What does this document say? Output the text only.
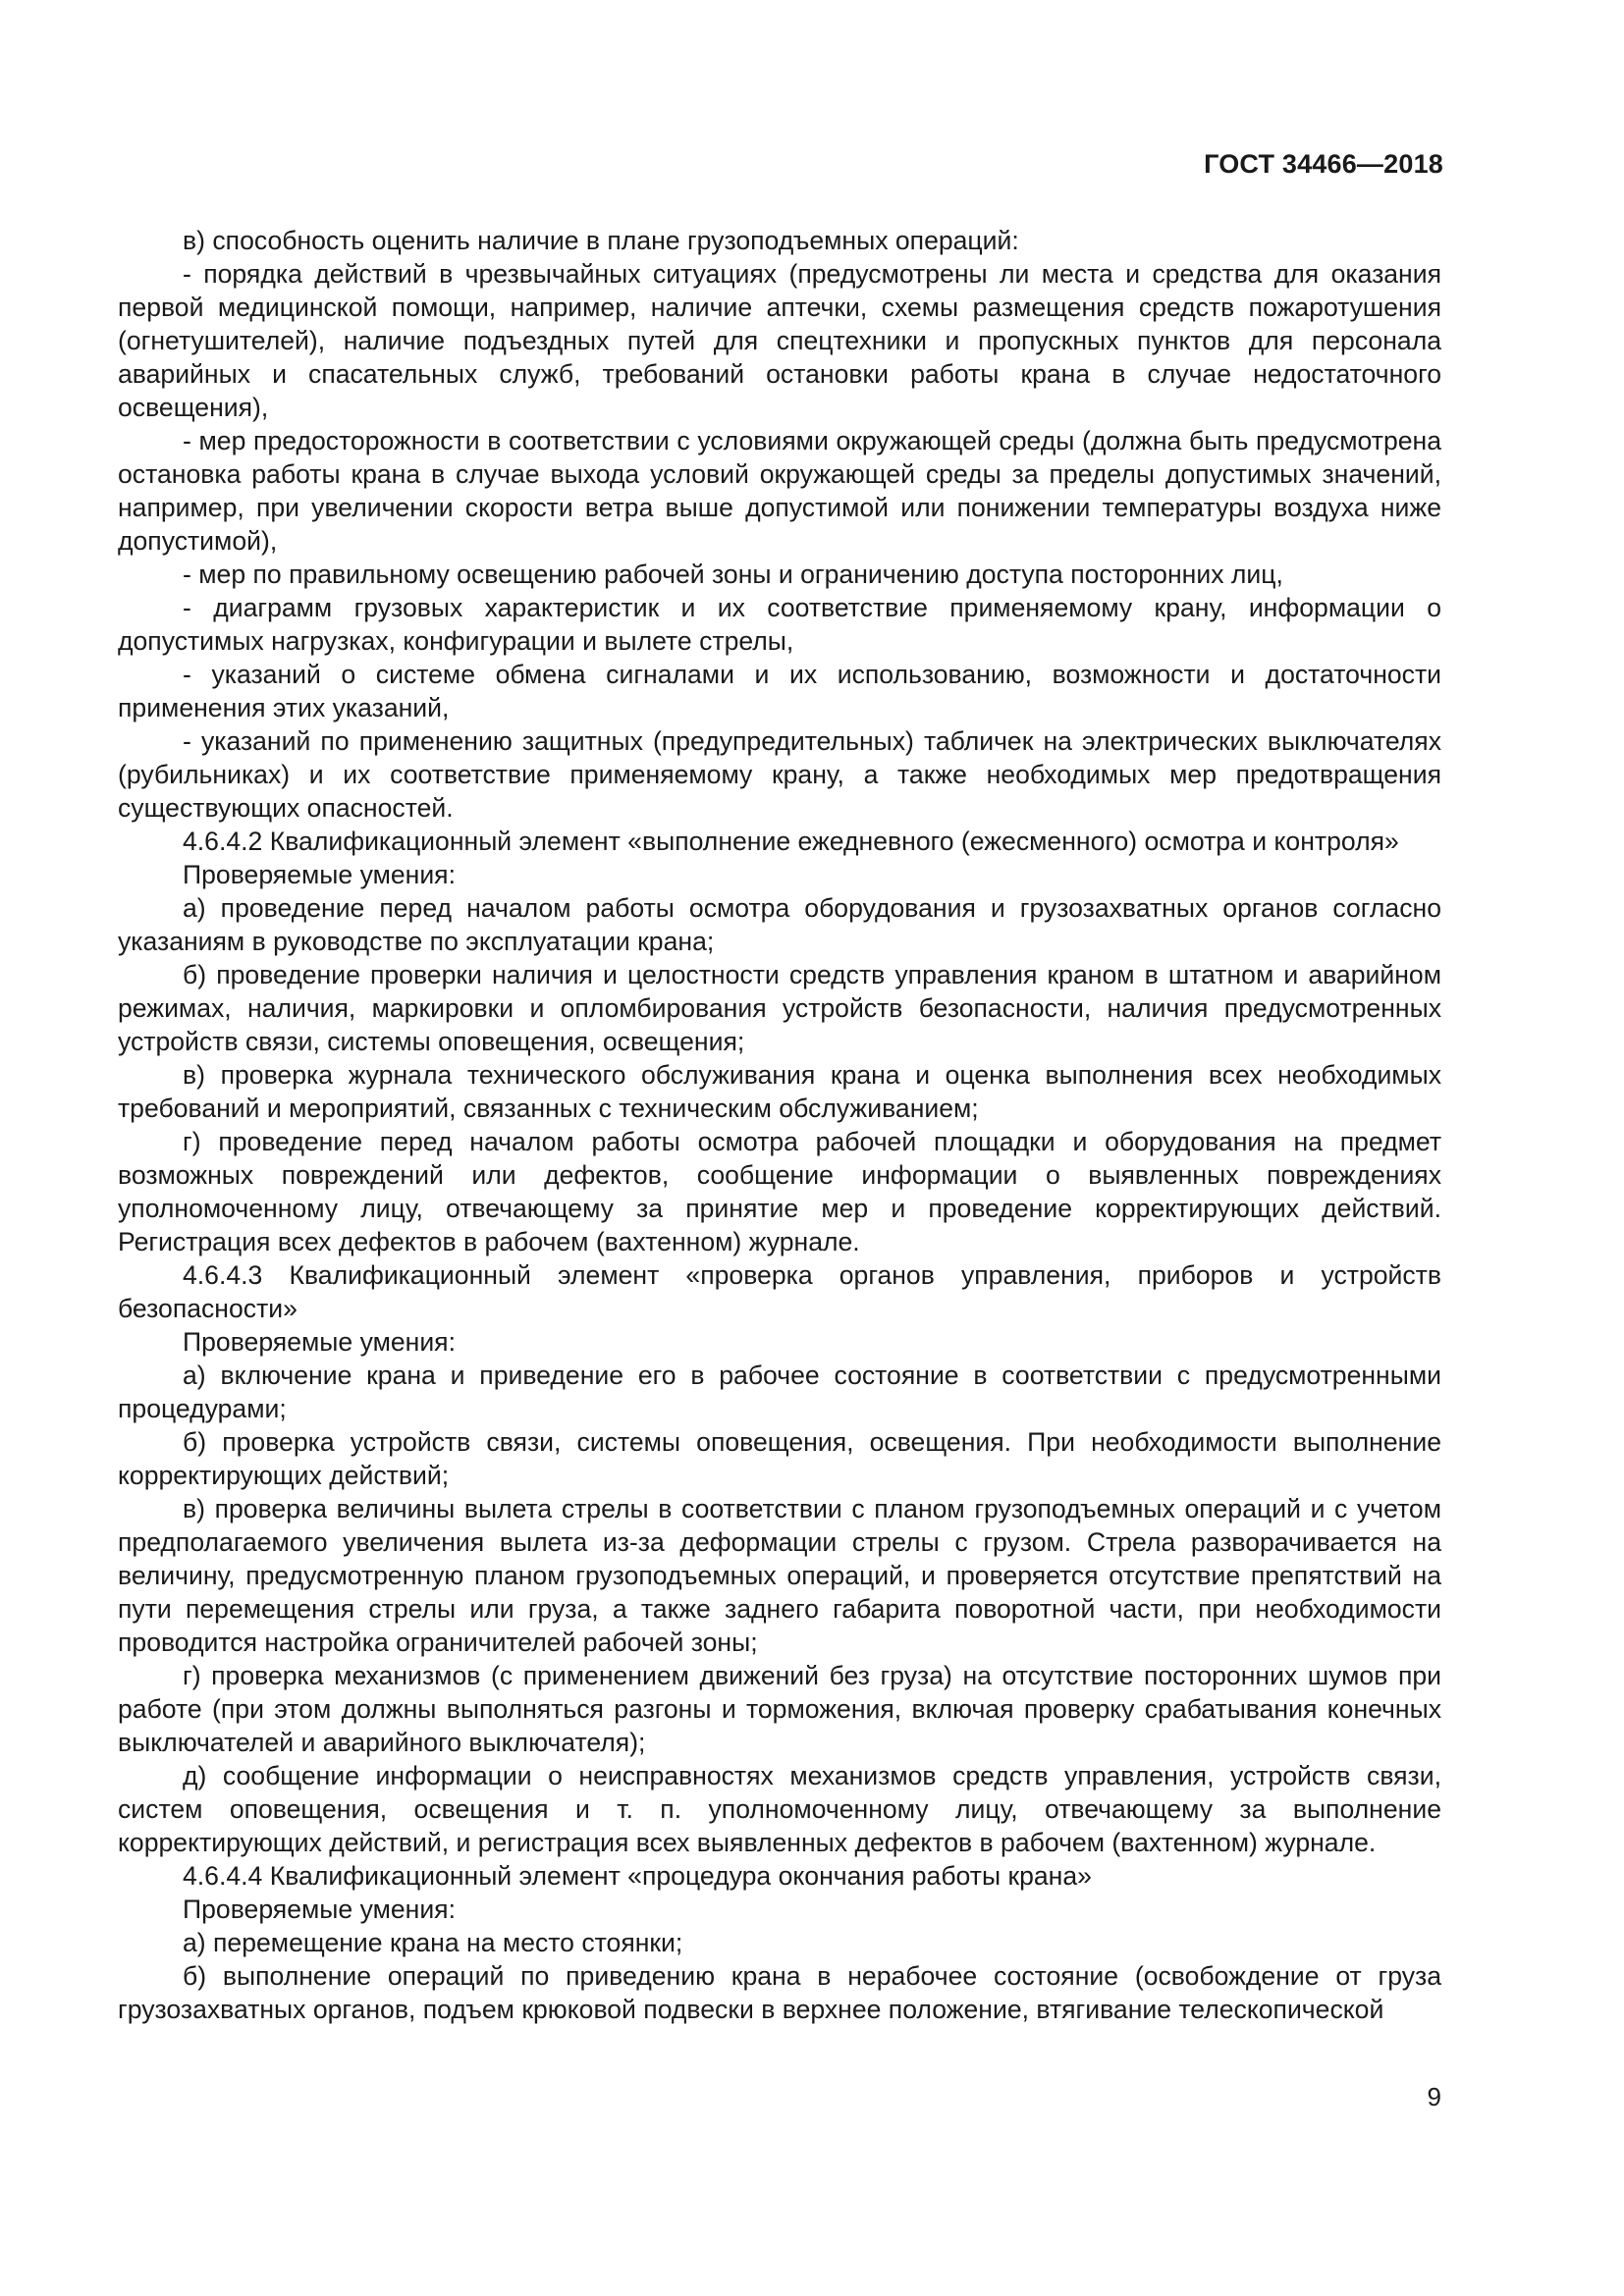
ГОСТ 34466—2018

в) способность оценить наличие в плане грузоподъемных операций:

- порядка действий в чрезвычайных ситуациях (предусмотрены ли места и средства для оказания первой медицинской помощи, например, наличие аптечки, схемы размещения средств пожаротушения (огнетушителей), наличие подъездных путей для спецтехники и пропускных пунктов для персонала аварийных и спасательных служб, требований остановки работы крана в случае недостаточного освещения),

- мер предосторожности в соответствии с условиями окружающей среды (должна быть предусмотрена остановка работы крана в случае выхода условий окружающей среды за пределы допустимых значений, например, при увеличении скорости ветра выше допустимой или понижении температуры воздуха ниже допустимой),

- мер по правильному освещению рабочей зоны и ограничению доступа посторонних лиц,

- диаграмм грузовых характеристик и их соответствие применяемому крану, информации о допустимых нагрузках, конфигурации и вылете стрелы,

- указаний о системе обмена сигналами и их использованию, возможности и достаточности применения этих указаний,

- указаний по применению защитных (предупредительных) табличек на электрических выключателях (рубильниках) и их соответствие применяемому крану, а также необходимых мер предотвращения существующих опасностей.

4.6.4.2 Квалификационный элемент «выполнение ежедневного (ежесменного) осмотра и контроля»

Проверяемые умения:

а) проведение перед началом работы осмотра оборудования и грузозахватных органов согласно указаниям в руководстве по эксплуатации крана;

б) проведение проверки наличия и целостности средств управления краном в штатном и аварийном режимах, наличия, маркировки и опломбирования устройств безопасности, наличия предусмотренных устройств связи, системы оповещения, освещения;

в) проверка журнала технического обслуживания крана и оценка выполнения всех необходимых требований и мероприятий, связанных с техническим обслуживанием;

г) проведение перед началом работы осмотра рабочей площадки и оборудования на предмет возможных повреждений или дефектов, сообщение информации о выявленных повреждениях уполномоченному лицу, отвечающему за принятие мер и проведение корректирующих действий. Регистрация всех дефектов в рабочем (вахтенном) журнале.

4.6.4.3 Квалификационный элемент «проверка органов управления, приборов и устройств безопасности»

Проверяемые умения:

а) включение крана и приведение его в рабочее состояние в соответствии с предусмотренными процедурами;

б) проверка устройств связи, системы оповещения, освещения. При необходимости выполнение корректирующих действий;

в) проверка величины вылета стрелы в соответствии с планом грузоподъемных операций и с учетом предполагаемого увеличения вылета из-за деформации стрелы с грузом. Стрела разворачивается на величину, предусмотренную планом грузоподъемных операций, и проверяется отсутствие препятствий на пути перемещения стрелы или груза, а также заднего габарита поворотной части, при необходимости проводится настройка ограничителей рабочей зоны;

г) проверка механизмов (с применением движений без груза) на отсутствие посторонних шумов при работе (при этом должны выполняться разгоны и торможения, включая проверку срабатывания конечных выключателей и аварийного выключателя);

д) сообщение информации о неисправностях механизмов средств управления, устройств связи, систем оповещения, освещения и т. п. уполномоченному лицу, отвечающему за выполнение корректирующих действий, и регистрация всех выявленных дефектов в рабочем (вахтенном) журнале.

4.6.4.4 Квалификационный элемент «процедура окончания работы крана»

Проверяемые умения:

а) перемещение крана на место стоянки;

б) выполнение операций по приведению крана в нерабочее состояние (освобождение от груза грузозахватных органов, подъем крюковой подвески в верхнее положение, втягивание телескопической

9
